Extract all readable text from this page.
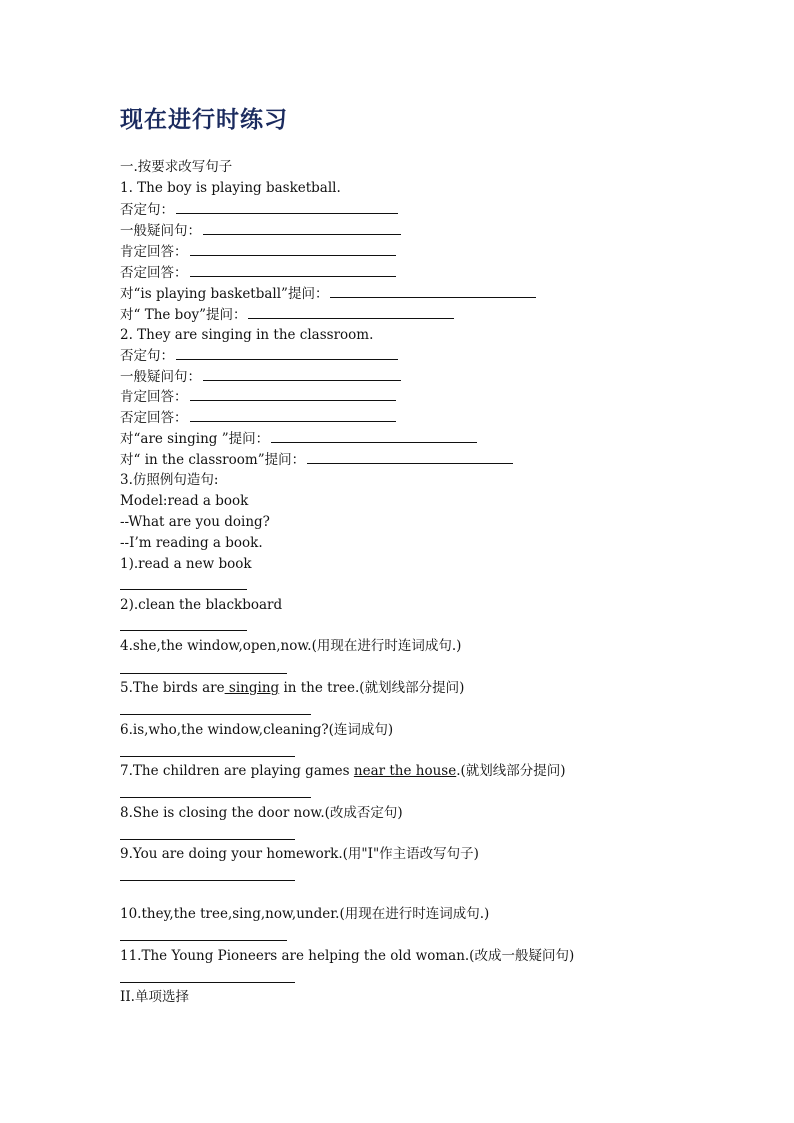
现在进行时练习
一.按要求改写句子
1. The boy is playing basketball.
否定句：
一般疑问句：
肯定回答：
否定回答：
对“is playing basketball”提问：
对“ The boy”提问：
2. They are singing in the classroom.
否定句：
一般疑问句：
肯定回答：
否定回答：
对“are singing ”提问：
对“ in the classroom”提问：
3.仿照例句造句:
Model:read a book
--What are you doing?
--I’m reading a book.
1).read a new book
2).clean the blackboard
4.she,the window,open,now.(用现在进行时连词成句.)
5.The birds are singing in the tree.(就划线部分提问)
6.is,who,the window,cleaning?(连词成句)
7.The children are playing games near the house.(就划线部分提问)
8.She is closing the door now.(改成否定句)
9.You are doing your homework.(用"I"作主语改写句子)
10.they,the tree,sing,now,under.(用现在进行时连词成句.)
11.The Young Pioneers are helping the old woman.(改成一般疑问句)
II.单项选择
